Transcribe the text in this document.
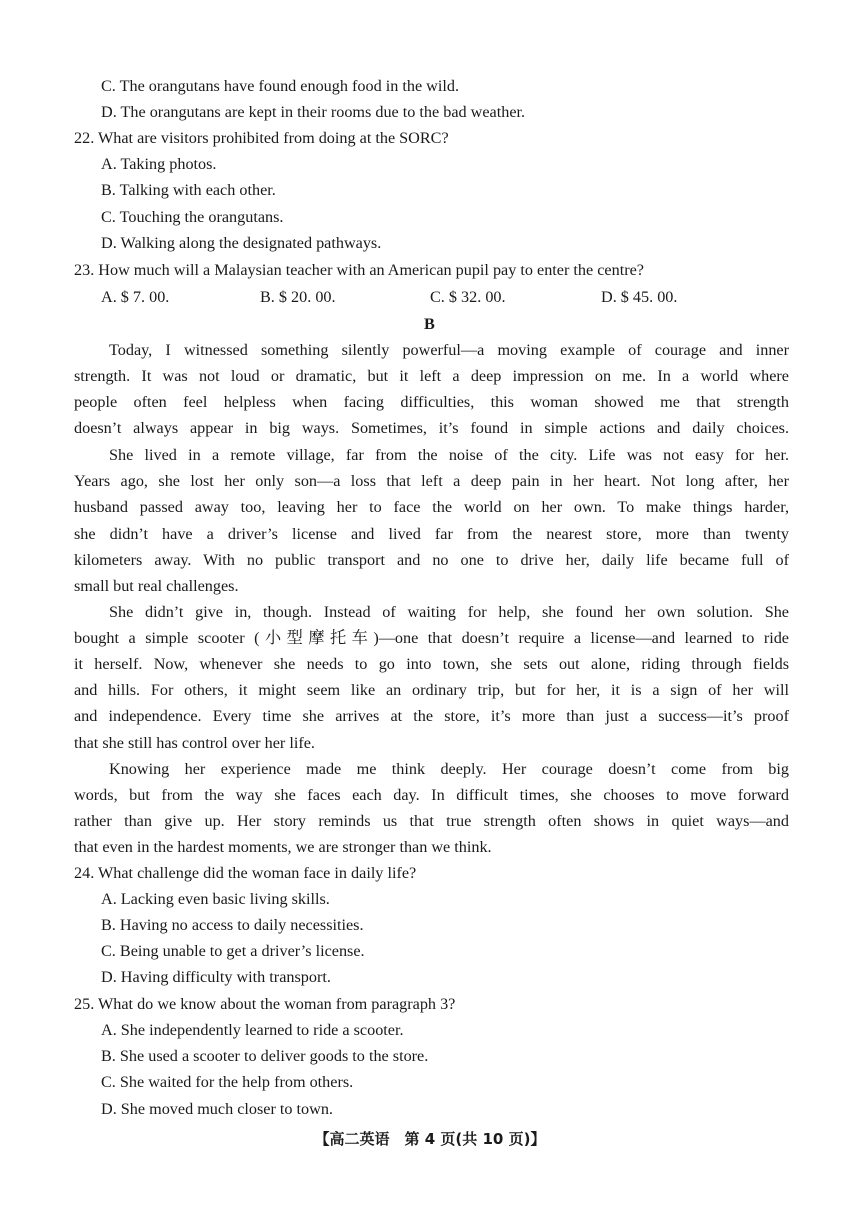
C. The orangutans have found enough food in the wild.
D. The orangutans are kept in their rooms due to the bad weather.
22. What are visitors prohibited from doing at the SORC?
A. Taking photos.
B. Talking with each other.
C. Touching the orangutans.
D. Walking along the designated pathways.
23. How much will a Malaysian teacher with an American pupil pay to enter the centre?
A. $ 7. 00.	B. $ 20. 00.	C. $ 32. 00.	D. $ 45. 00.
B
Today, I witnessed something silently powerful—a moving example of courage and inner
strength. It was not loud or dramatic, but it left a deep impression on me. In a world where
people often feel helpless when facing difficulties, this woman showed me that strength
doesn’t always appear in big ways. Sometimes, it’s found in simple actions and daily choices.
She lived in a remote village, far from the noise of the city. Life was not easy for her.
Years ago, she lost her only son—a loss that left a deep pain in her heart. Not long after, her
husband passed away too, leaving her to face the world on her own. To make things harder,
she didn’t have a driver’s license and lived far from the nearest store, more than twenty
kilometers away. With no public transport and no one to drive her, daily life became full of
small but real challenges.
She didn’t give in, though. Instead of waiting for help, she found her own solution. She
bought a simple scooter (小型摩托车)—one that doesn’t require a license—and learned to ride
it herself. Now, whenever she needs to go into town, she sets out alone, riding through fields
and hills. For others, it might seem like an ordinary trip, but for her, it is a sign of her will
and independence. Every time she arrives at the store, it’s more than just a success—it’s proof
that she still has control over her life.
Knowing her experience made me think deeply. Her courage doesn’t come from big
words, but from the way she faces each day. In difficult times, she chooses to move forward
rather than give up. Her story reminds us that true strength often shows in quiet ways—and
that even in the hardest moments, we are stronger than we think.
24. What challenge did the woman face in daily life?
A. Lacking even basic living skills.
B. Having no access to daily necessities.
C. Being unable to get a driver’s license.
D. Having difficulty with transport.
25. What do we know about the woman from paragraph 3?
A. She independently learned to ride a scooter.
B. She used a scooter to deliver goods to the store.
C. She waited for the help from others.
D. She moved much closer to town.
【高二英语　第 4 页(共 10 页)】
